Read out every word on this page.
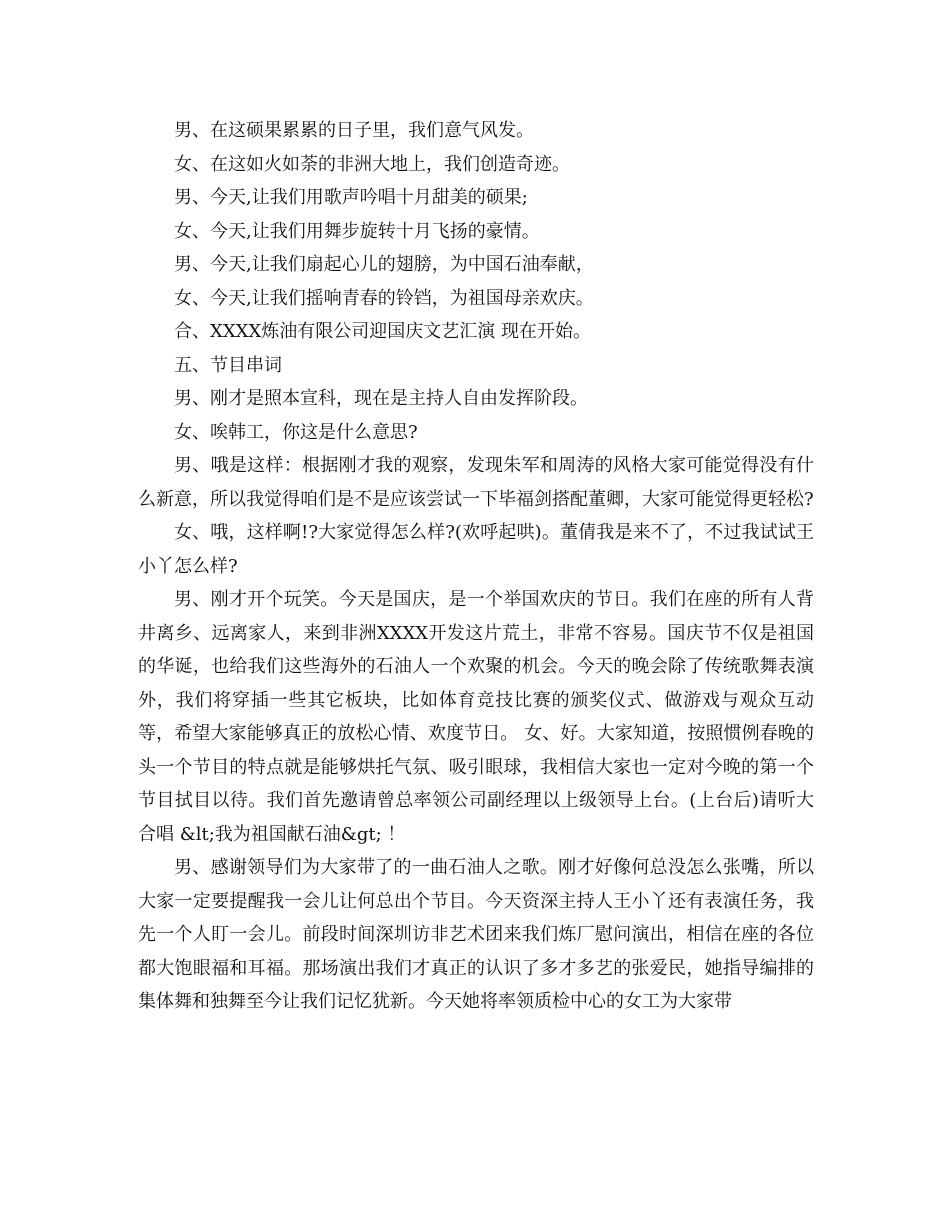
男、在这硕果累累的日子里，我们意气风发。

女、在这如火如荼的非洲大地上，我们创造奇迹。

男、今天,让我们用歌声吟唱十月甜美的硕果;

女、今天,让我们用舞步旋转十月飞扬的豪情。

男、今天,让我们扇起心儿的翅膀，为中国石油奉献，

女、今天,让我们摇响青春的铃铛，为祖国母亲欢庆。

合、XXXX炼油有限公司迎国庆文艺汇演 现在开始。

五、节目串词

男、刚才是照本宣科，现在是主持人自由发挥阶段。

女、唉韩工，你这是什么意思?

男、哦是这样：根据刚才我的观察，发现朱军和周涛的风格大家可能觉得没有什么新意，所以我觉得咱们是不是应该尝试一下毕福剑搭配董卿，大家可能觉得更轻松?

女、哦，这样啊!?大家觉得怎么样?(欢呼起哄)。董倩我是来不了，不过我试试王小丫怎么样?

男、刚才开个玩笑。今天是国庆，是一个举国欢庆的节日。我们在座的所有人背井离乡、远离家人，来到非洲XXXX开发这片荒土，非常不容易。国庆节不仅是祖国的华诞，也给我们这些海外的石油人一个欢聚的机会。今天的晚会除了传统歌舞表演外，我们将穿插一些其它板块，比如体育竞技比赛的颁奖仪式、做游戏与观众互动等，希望大家能够真正的放松心情、欢度节日。 女、好。大家知道，按照惯例春晚的头一个节目的特点就是能够烘托气氛、吸引眼球，我相信大家也一定对今晚的第一个节目拭目以待。我们首先邀请曾总率领公司副经理以上级领导上台。(上台后)请听大合唱 &lt;我为祖国献石油&gt; ！

男、感谢领导们为大家带了的一曲石油人之歌。刚才好像何总没怎么张嘴，所以大家一定要提醒我一会儿让何总出个节目。今天资深主持人王小丫还有表演任务，我先一个人盯一会儿。前段时间深圳访非艺术团来我们炼厂慰问演出，相信在座的各位都大饱眼福和耳福。那场演出我们才真正的认识了多才多艺的张爱民，她指导编排的集体舞和独舞至今让我们记忆犹新。今天她将率领质检中心的女工为大家带
